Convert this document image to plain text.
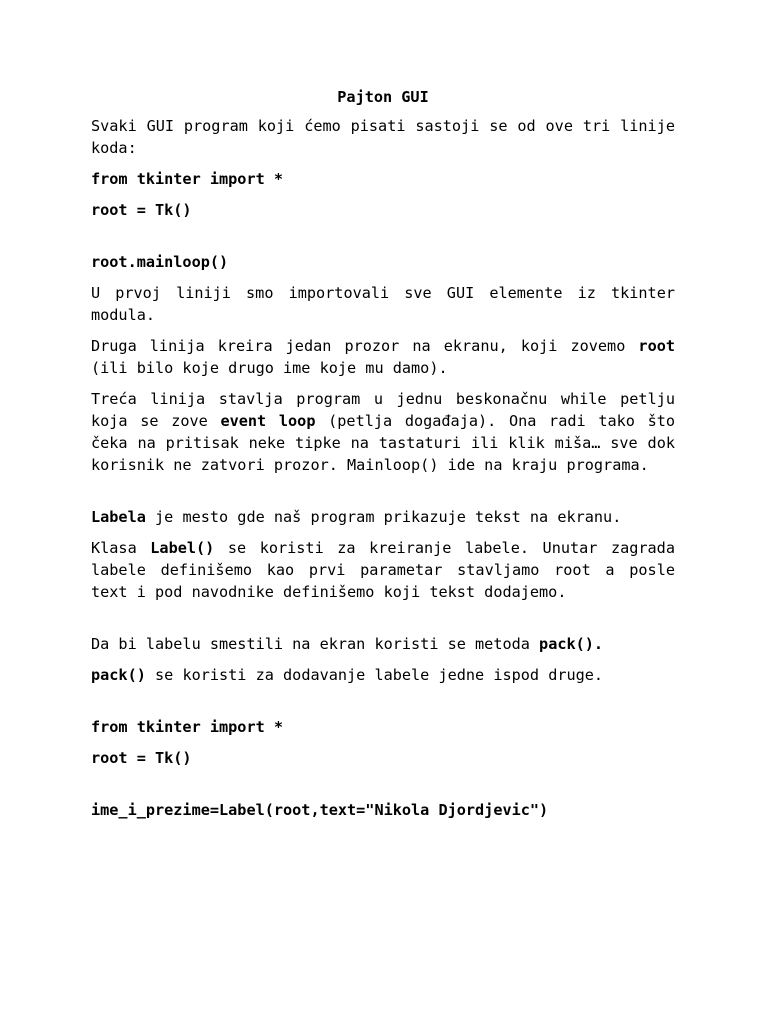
Pajton GUI

Svaki GUI program koji ćemo pisati sastoji se od ove tri linije koda:

from tkinter import *

root = Tk()

root.mainloop()

U prvoj liniji smo importovali sve GUI elemente iz tkinter modula.

Druga linija kreira jedan prozor na ekranu, koji zovemo root (ili bilo koje drugo ime koje mu damo).

Treća linija stavlja program u jednu beskonačnu while petlju koja se zove event loop (petlja događaja). Ona radi tako što čeka na pritisak neke tipke na tastaturi ili klik miša… sve dok korisnik ne zatvori prozor. Mainloop() ide na kraju programa.

Labela je mesto gde naš program prikazuje tekst na ekranu.

Klasa Label() se koristi za kreiranje labele. Unutar zagrada labele definišemo kao prvi parametar stavljamo root a posle text i pod navodnike definišemo koji tekst dodajemo.

Da bi labelu smestili na ekran koristi se metoda pack().

pack() se koristi za dodavanje labele jedne ispod druge.

from tkinter import *

root = Tk()

ime_i_prezime=Label(root,text="Nikola Djordjevic")
